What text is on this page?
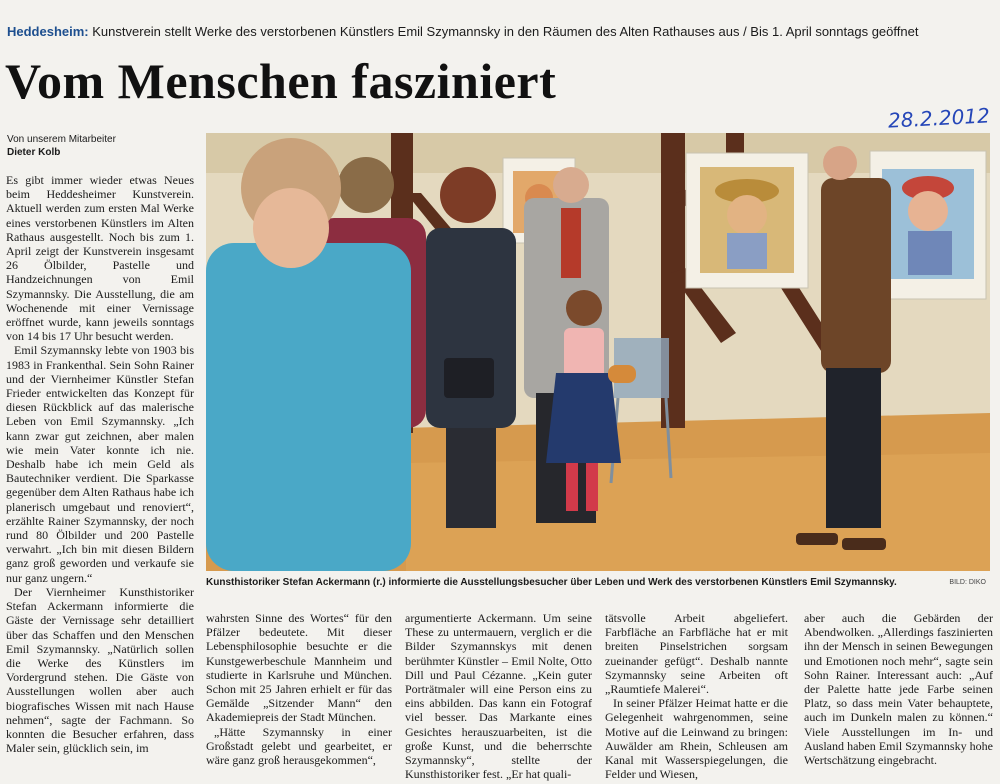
Heddesheim: Kunstverein stellt Werke des verstorbenen Künstlers Emil Szymannsky in den Räumen des Alten Rathauses aus / Bis 1. April sonntags geöffnet
Vom Menschen fasziniert
28.2.2012
Von unserem Mitarbeiter
Dieter Kolb

Es gibt immer wieder etwas Neues beim Heddesheimer Kunstverein. Aktuell werden zum ersten Mal Werke eines verstorbenen Künstlers im Alten Rathaus ausgestellt. Noch bis zum 1. April zeigt der Kunstverein insgesamt 26 Ölbilder, Pastelle und Handzeichnungen von Emil Szymannsky. Die Ausstellung, die am Wochenende mit einer Vernissage eröffnet wurde, kann jeweils sonntags von 14 bis 17 Uhr besucht werden.

Emil Szymannsky lebte von 1903 bis 1983 in Frankenthal. Sein Sohn Rainer und der Viernheimer Künstler Stefan Frieder entwickelten das Konzept für diesen Rückblick auf das malerische Leben von Emil Szymannsky. „Ich kann zwar gut zeichnen, aber malen wie mein Vater konnte ich nie. Deshalb habe ich mein Geld als Bautechniker verdient. Die Sparkasse gegenüber dem Alten Rathaus habe ich planerisch umgebaut und renoviert“, erzählte Rainer Szymannsky, der noch rund 80 Ölbilder und 200 Pastelle verwahrt. „Ich bin mit diesen Bildern ganz groß geworden und verkaufe sie nur ganz ungern.“

Der Viernheimer Kunsthistoriker Stefan Ackermann informierte die Gäste der Vernissage sehr detailliert über das Schaffen und den Menschen Emil Szymannsky. „Natürlich sollen die Werke des Künstlers im Vordergrund stehen. Die Gäste von Ausstellungen wollen aber auch biografisches Wissen mit nach Hause nehmen“, sagte der Fachmann. So konnten die Besucher erfahren, dass Maler sein, glücklich sein, im

Kunsthistoriker Stefan Ackermann (r.) informierte die Ausstellungsbesucher über Leben und Werk des verstorbenen Künstlers Emil Szymannsky.	BILD: DIKO

wahrsten Sinne des Wortes“ für den Pfälzer bedeutete. Mit dieser Lebensphilosophie besuchte er die Kunstgewerbeschule Mannheim und studierte in Karlsruhe und München. Schon mit 25 Jahren erhielt er für das Gemälde „Sitzender Mann“ den Akademiepreis der Stadt München.

„Hätte Szymannsky in einer Großstadt gelebt und gearbeitet, er wäre ganz groß herausgekommen“,

argumentierte Ackermann. Um seine These zu untermauern, verglich er die Bilder Szymannskys mit denen berühmter Künstler – Emil Nolte, Otto Dill und Paul Cézanne. „Kein guter Porträtmaler will eine Person eins zu eins abbilden. Das kann ein Fotograf viel besser. Das Markante eines Gesichtes herauszuarbeiten, ist die große Kunst, und die beherrschte Szymannsky“, stellte der Kunsthistoriker fest. „Er hat quali-

tätsvolle Arbeit abgeliefert. Farbfläche an Farbfläche hat er mit breiten Pinselstrichen sorgsam zueinander gefügt“. Deshalb nannte Szymannsky seine Arbeiten oft „Raumtiefe Malerei“.

In seiner Pfälzer Heimat hatte er die Gelegenheit wahrgenommen, seine Motive auf die Leinwand zu bringen: Auwälder am Rhein, Schleusen am Kanal mit Wasserspiegelungen, die Felder und Wiesen,

aber auch die Gebärden der Abendwolken. „Allerdings faszinierten ihn der Mensch in seinen Bewegungen und Emotionen noch mehr“, sagte sein Sohn Rainer. Interessant auch: „Auf der Palette hatte jede Farbe seinen Platz, so dass mein Vater behauptete, auch im Dunkeln malen zu können.“ Viele Ausstellungen im In- und Ausland haben Emil Szymannsky hohe Wertschätzung eingebracht.
